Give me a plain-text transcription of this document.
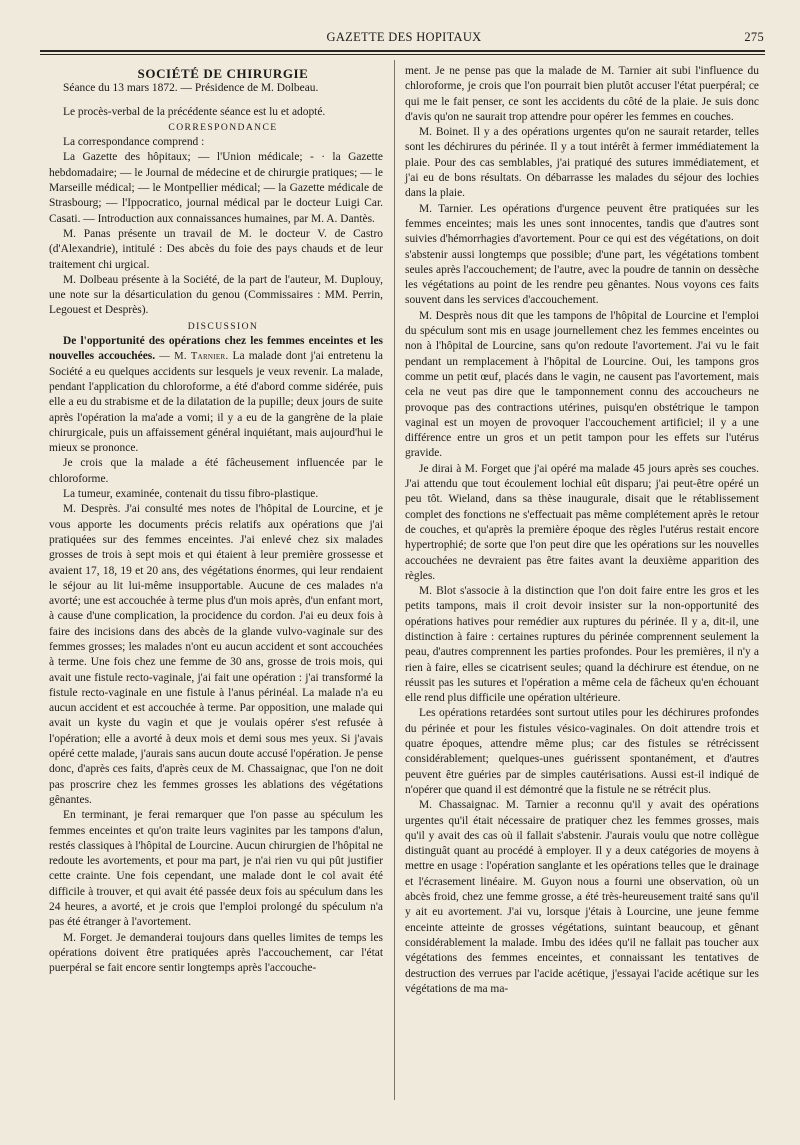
GAZETTE DES HOPITAUX	275

SOCIÉTÉ DE CHIRURGIE

Séance du 13 mars 1872. — Présidence de M. Dolbeau.

Le procès-verbal de la précédente séance est lu et adopté.

CORRESPONDANCE

La correspondance comprend :

La Gazette des hôpitaux; — l'Union médicale; - · la Gazette hebdomadaire; — le Journal de médecine et de chirurgie pratiques; — le Marseille médical; — le Montpellier médical; — la Gazette médicale de Strasbourg; — l'Ippocratico, journal médical par le docteur Luigi Car. Casati. — Introduction aux connaissances humaines, par M. A. Dantès.

M. Panas présente un travail de M. le docteur V. de Castro (d'Alexandrie), intitulé : Des abcès du foie des pays chauds et de leur traitement chi urgical.

M. Dolbeau présente à la Société, de la part de l'auteur, M. Duplouy, une note sur la désarticulation du genou (Commissaires : MM. Perrin, Legouest et Desprès).

DISCUSSION

De l'opportunité des opérations chez les femmes enceintes et les nouvelles accouchées. — M. Tarnier. La malade dont j'ai entretenu la Société a eu quelques accidents sur lesquels je veux revenir. La malade, pendant l'application du chloroforme, a été d'abord comme sidérée, puis elle a eu du strabisme et de la dilatation de la pupille; deux jours de suite après l'opération la ma'ade a vomi; il y a eu de la gangrène de la plaie chirurgicale, puis un affaissement général inquiétant, mais aujourd'hui le mieux se prononce.

Je crois que la malade a été fâcheusement influencée par le chloroforme.

La tumeur, examinée, contenait du tissu fibro-plastique.

M. Desprès. J'ai consulté mes notes de l'hôpital de Lourcine, et je vous apporte les documents précis relatifs aux opérations que j'ai pratiquées sur des femmes enceintes. J'ai enlevé chez six malades grosses de trois à sept mois et qui étaient à leur première grossesse et avaient 17, 18, 19 et 20 ans, des végétations énormes, qui leur rendaient le séjour au lit lui-même insupportable. Aucune de ces malades n'a avorté; une est accouchée à terme plus d'un mois après, d'un enfant mort, à cause d'une complication, la procidence du cordon. J'ai eu deux fois à faire des incisions dans des abcès de la glande vulvo-vaginale sur des femmes grosses; les malades n'ont eu aucun accident et sont accouchées à terme. Une fois chez une femme de 30 ans, grosse de trois mois, qui avait une fistule recto-vaginale, j'ai fait une opération : j'ai transformé la fistule recto-vaginale en une fistule à l'anus périnéal. La malade n'a eu aucun accident et est accouchée à terme. Par opposition, une malade qui avait un kyste du vagin et que je voulais opérer s'est refusée à l'opération; elle a avorté à deux mois et demi sous mes yeux. Si j'avais opéré cette malade, j'aurais sans aucun doute accusé l'opération. Je pense donc, d'après ces faits, d'après ceux de M. Chassaignac, que l'on ne doit pas proscrire chez les femmes grosses les ablations des végétations gênantes.

En terminant, je ferai remarquer que l'on passe au spéculum les femmes enceintes et qu'on traite leurs vaginites par les tampons d'alun, restés classiques à l'hôpital de Lourcine. Aucun chirurgien de l'hôpital ne redoute les avortements, et pour ma part, je n'ai rien vu qui pût justifier cette crainte. Une fois cependant, une malade dont le col avait été difficile à trouver, et qui avait été passée deux fois au spéculum dans les 24 heures, a avorté, et je crois que l'emploi prolongé du spéculum n'a pas été étranger à l'avortement.

M. Forget. Je demanderai toujours dans quelles limites de temps les opérations doivent être pratiquées après l'accouchement, car l'état puerpéral se fait encore sentir longtemps après l'accouche-

ment. Je ne pense pas que la malade de M. Tarnier ait subi l'influence du chloroforme, je crois que l'on pourrait bien plutôt accuser l'état puerpéral; ce qui me le fait penser, ce sont les accidents du côté de la plaie. Je suis donc d'avis qu'on ne saurait trop attendre pour opérer les femmes en couches.

M. Boinet. Il y a des opérations urgentes qu'on ne saurait retarder, telles sont les déchirures du périnée. Il y a tout intérêt à fermer immédiatement la plaie. Pour des cas semblables, j'ai pratiqué des sutures immédiatement, et j'ai eu de bons résultats. On débarrasse les malades du séjour des lochies dans la plaie.

M. Tarnier. Les opérations d'urgence peuvent être pratiquées sur les femmes enceintes; mais les unes sont innocentes, tandis que d'autres sont suivies d'hémorrhagies d'avortement. Pour ce qui est des végétations, on doit s'abstenir aussi longtemps que possible; d'une part, les végétations tombent seules après l'accouchement; de l'autre, avec la poudre de tannin on dessèche les végétations au point de les rendre peu gênantes. Nous voyons ces faits souvent dans les services d'accouchement.

M. Desprès nous dit que les tampons de l'hôpital de Lourcine et l'emploi du spéculum sont mis en usage journellement chez les femmes enceintes ou non à l'hôpital de Lourcine, sans qu'on redoute l'avortement. J'ai vu le fait pendant un remplacement à l'hôpital de Lourcine. Oui, les tampons gros comme un petit œuf, placés dans le vagin, ne causent pas l'avortement, mais cela ne veut pas dire que le tamponnement connu des accoucheurs ne provoque pas des contractions utérines, puisqu'en obstétrique le tampon vaginal est un moyen de provoquer l'accouchement artificiel; il y a une différence entre un gros et un petit tampon pour les effets sur l'utérus gravide.

Je dirai à M. Forget que j'ai opéré ma malade 45 jours après ses couches. J'ai attendu que tout écoulement lochial eût disparu; j'ai peut-être opéré un peu tôt. Wieland, dans sa thèse inaugurale, disait que le rétablissement complet des fonctions ne s'effectuait pas même complétement après le retour de couches, et qu'après la première époque des règles l'utérus restait encore hypertrophié; de sorte que l'on peut dire que les opérations sur les nouvelles accouchées ne devraient pas être faites avant la deuxième apparition des règles.

M. Blot s'associe à la distinction que l'on doit faire entre les gros et les petits tampons, mais il croit devoir insister sur la non-opportunité des opérations hatives pour remédier aux ruptures du périnée. Il y a, dit-il, une distinction à faire : certaines ruptures du périnée comprennent seulement la peau, d'autres comprennent les parties profondes. Pour les premières, il n'y a rien à faire, elles se cicatrisent seules; quand la déchirure est étendue, on ne réussit pas les sutures et l'opération a même cela de fâcheux qu'en échouant elle rend plus difficile une opération ultérieure.

Les opérations retardées sont surtout utiles pour les déchirures profondes du périnée et pour les fistules vésico-vaginales. On doit attendre trois et quatre époques, attendre même plus; car des fistules se rétrécissent considérablement; quelques-unes guérissent spontanément, et d'autres peuvent être guéries par de simples cautérisations. Aussi est-il indiqué de n'opérer que quand il est démontré que la fistule ne se rétrécit plus.

M. Chassaignac. M. Tarnier a reconnu qu'il y avait des opérations urgentes qu'il était nécessaire de pratiquer chez les femmes grosses, mais qu'il y avait des cas où il fallait s'abstenir. J'aurais voulu que notre collègue distinguât quant au procédé à employer. Il y a deux catégories de moyens à mettre en usage : l'opération sanglante et les opérations telles que le drainage et l'écrasement linéaire. M. Guyon nous a fourni une observation, où un abcès froid, chez une femme grosse, a été très-heureusement traité sans qu'il y ait eu avortement. J'ai vu, lorsque j'étais à Lourcine, une jeune femme enceinte atteinte de grosses végétations, suintant beaucoup, et gênant considérablement la malade. Imbu des idées qu'il ne fallait pas toucher aux végétations des femmes enceintes, et connaissant les tentatives de destruction des verrues par l'acide acétique, j'essayai l'acide acétique sur les végétations de ma ma-
